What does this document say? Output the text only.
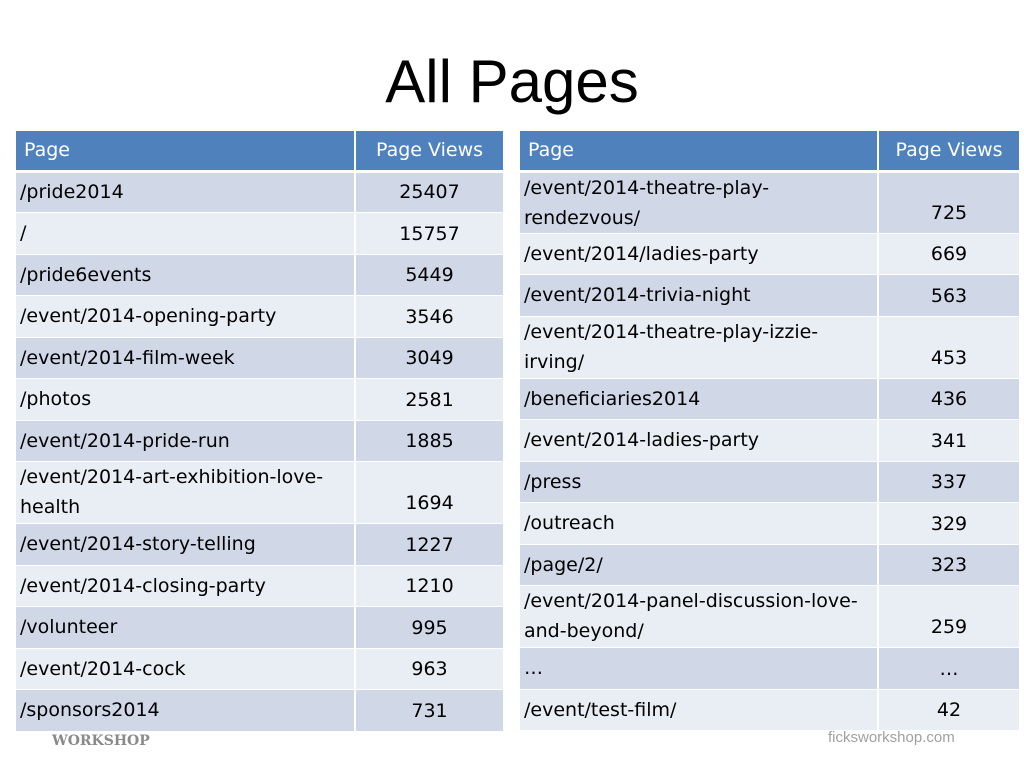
All Pages
Page	Page Views
/pride2014	25407
/	15757
/pride6events	5449
/event/2014-opening-party	3546
/event/2014-film-week	3049
/photos	2581
/event/2014-pride-run	1885
/event/2014-art-exhibition-love-health	1694
/event/2014-story-telling	1227
/event/2014-closing-party	1210
/volunteer	995
/event/2014-cock	963
/sponsors2014	731
Page	Page Views
/event/2014-theatre-play-rendezvous/	725
/event/2014/ladies-party	669
/event/2014-trivia-night	563
/event/2014-theatre-play-izzie-irving/	453
/beneficiaries2014	436
/event/2014-ladies-party	341
/press	337
/outreach	329
/page/2/	323
/event/2014-panel-discussion-love-and-beyond/	259
…	…
/event/test-film/	42
WORKSHOP	ficksworkshop.com
